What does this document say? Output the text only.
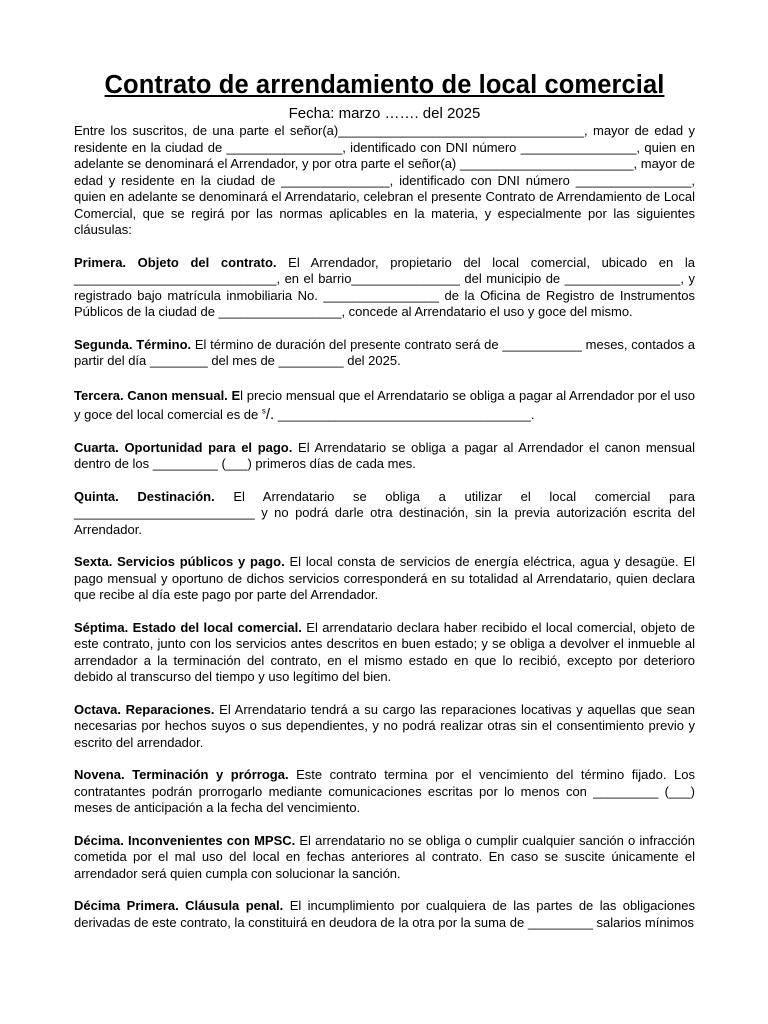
Contrato de arrendamiento de local comercial

Fecha: marzo ……. del 2025

Entre los suscritos, de una parte el señor(a)__________________________________, mayor de edad y residente en la ciudad de ________________, identificado con DNI número ________________, quien en adelante se denominará el Arrendador, y por otra parte el señor(a) ________________________, mayor de edad y residente en la ciudad de _______________, identificado con DNI número ________________, quien en adelante se denominará el Arrendatario, celebran el presente Contrato de Arrendamiento de Local Comercial, que se regirá por las normas aplicables en la materia, y especialmente por las siguientes cláusulas:

Primera. Objeto del contrato. El Arrendador, propietario del local comercial, ubicado en la ____________________________, en el barrio_______________ del municipio de ________________, y registrado bajo matrícula inmobiliaria No. ________________ de la Oficina de Registro de Instrumentos Públicos de la ciudad de _________________, concede al Arrendatario el uso y goce del mismo.

Segunda. Término. El término de duración del presente contrato será de ___________ meses, contados a partir del día ________ del mes de _________ del 2025.

Tercera. Canon mensual. El precio mensual que el Arrendatario se obliga a pagar al Arrendador por el uso y goce del local comercial es de $^s$/. ___________________________________.

Cuarta. Oportunidad para el pago. El Arrendatario se obliga a pagar al Arrendador el canon mensual dentro de los _________ (___) primeros días de cada mes.

Quinta. Destinación. El Arrendatario se obliga a utilizar el local comercial para _________________________ y no podrá darle otra destinación, sin la previa autorización escrita del Arrendador.

Sexta. Servicios públicos y pago. El local consta de servicios de energía eléctrica, agua y desagüe. El pago mensual y oportuno de dichos servicios corresponderá en su totalidad al Arrendatario, quien declara que recibe al día este pago por parte del Arrendador.

Séptima. Estado del local comercial. El arrendatario declara haber recibido el local comercial, objeto de este contrato, junto con los servicios antes descritos en buen estado; y se obliga a devolver el inmueble al arrendador a la terminación del contrato, en el mismo estado en que lo recibió, excepto por deterioro debido al transcurso del tiempo y uso legítimo del bien.

Octava. Reparaciones. El Arrendatario tendrá a su cargo las reparaciones locativas y aquellas que sean necesarias por hechos suyos o sus dependientes, y no podrá realizar otras sin el consentimiento previo y escrito del arrendador.

Novena. Terminación y prórroga. Este contrato termina por el vencimiento del término fijado. Los contratantes podrán prorrogarlo mediante comunicaciones escritas por lo menos con _________ (___) meses de anticipación a la fecha del vencimiento.

Décima. Inconvenientes con MPSC. El arrendatario no se obliga o cumplir cualquier sanción o infracción cometida por el mal uso del local en fechas anteriores al contrato. En caso se suscite únicamente el arrendador será quien cumpla con solucionar la sanción.

Décima Primera. Cláusula penal. El incumplimiento por cualquiera de las partes de las obligaciones derivadas de este contrato, la constituirá en deudora de la otra por la suma de _________ salarios mínimos
